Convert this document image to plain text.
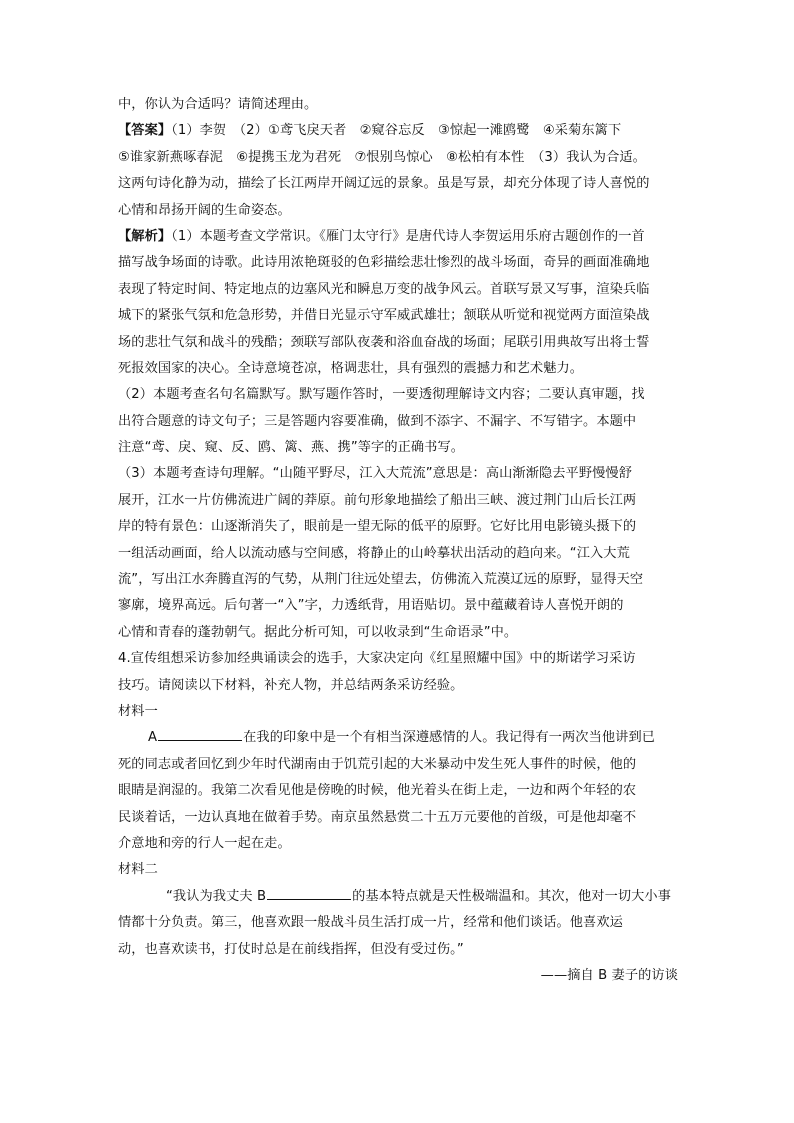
中，你认为合适吗？请简述理由。
【答案】（1）李贺　（2）①鸢飞戾天者　②窥谷忘反　③惊起一滩鸥鹭　④采菊东篱下
⑤谁家新燕啄春泥　⑥提携玉龙为君死　⑦恨别鸟惊心　⑧松柏有本性　（3）我认为合适。
这两句诗化静为动，描绘了长江两岸开阔辽远的景象。虽是写景，却充分体现了诗人喜悦的
心情和昂扬开阔的生命姿态。
【解析】（1）本题考查文学常识。《雁门太守行》是唐代诗人李贺运用乐府古题创作的一首
描写战争场面的诗歌。此诗用浓艳斑驳的色彩描绘悲壮惨烈的战斗场面，奇异的画面准确地
表现了特定时间、特定地点的边塞风光和瞬息万变的战争风云。首联写景又写事，渲染兵临
城下的紧张气氛和危急形势，并借日光显示守军威武雄壮；颔联从听觉和视觉两方面渲染战
场的悲壮气氛和战斗的残酷；颈联写部队夜袭和浴血奋战的场面；尾联引用典故写出将士誓
死报效国家的决心。全诗意境苍凉，格调悲壮，具有强烈的震撼力和艺术魅力。
（2）本题考查名句名篇默写。默写题作答时，一要透彻理解诗文内容；二要认真审题，找
出符合题意的诗文句子；三是答题内容要准确，做到不添字、不漏字、不写错字。本题中
注意“鸢、戾、窥、反、鸥、篱、燕、携”等字的正确书写。
（3）本题考查诗句理解。“山随平野尽，江入大荒流”意思是：高山渐渐隐去平野慢慢舒
展开，江水一片仿佛流进广阔的莽原。前句形象地描绘了船出三峡、渡过荆门山后长江两
岸的特有景色：山逐渐消失了，眼前是一望无际的低平的原野。它好比用电影镜头摄下的
一组活动画面，给人以流动感与空间感，将静止的山岭摹状出活动的趋向来。“江入大荒
流”，写出江水奔腾直泻的气势，从荆门往远处望去，仿佛流入荒漠辽远的原野，显得天空
寥廓，境界高远。后句著一“入”字，力透纸背，用语贴切。景中蕴藏着诗人喜悦开朗的
心情和青春的蓬勃朝气。据此分析可知，可以收录到“生命语录”中。
4.宣传组想采访参加经典诵读会的选手，大家决定向《红星照耀中国》中的斯诺学习采访
技巧。请阅读以下材料，补充人物，并总结两条采访经验。
材料一
A	在我的印象中是一个有相当深遵感情的人。我记得有一两次当他讲到已
死的同志或者回忆到少年时代湖南由于饥荒引起的大米暴动中发生死人事件的时候，他的
眼睛是润湿的。我第二次看见他是傍晚的时候，他光着头在街上走，一边和两个年轻的农
民谈着话，一边认真地在做着手势。南京虽然悬赏二十五万元要他的首级，可是他却毫不
介意地和旁的行人一起在走。
材料二
“我认为我丈夫 B	的基本特点就是天性极端温和。其次，他对一切大小事
情都十分负责。第三，他喜欢跟一般战斗员生活打成一片，经常和他们谈话。他喜欢运
动，也喜欢读书，打仗时总是在前线指挥，但没有受过伤。”
——摘自 B 妻子的访谈
